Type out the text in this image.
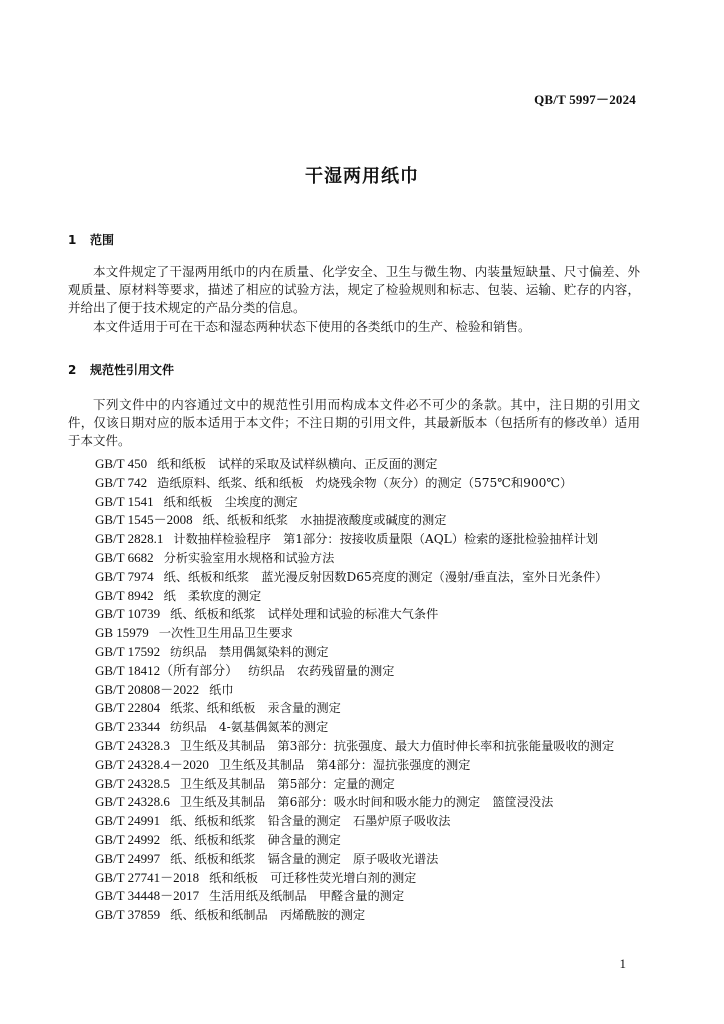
QB/T 5997－2024
干湿两用纸巾
1 范围

本文件规定了干湿两用纸巾的内在质量、化学安全、卫生与微生物、内装量短缺量、尺寸偏差、外观质量、原材料等要求，描述了相应的试验方法，规定了检验规则和标志、包装、运输、贮存的内容，并给出了便于技术规定的产品分类的信息。

本文件适用于可在干态和湿态两种状态下使用的各类纸巾的生产、检验和销售。

2 规范性引用文件

下列文件中的内容通过文中的规范性引用而构成本文件必不可少的条款。其中，注日期的引用文件，仅该日期对应的版本适用于本文件；不注日期的引用文件，其最新版本（包括所有的修改单）适用于本文件。

GB/T 450 纸和纸板　试样的采取及试样纵横向、正反面的测定
GB/T 742 造纸原料、纸浆、纸和纸板　灼烧残余物（灰分）的测定（575℃和900℃）
GB/T 1541 纸和纸板　尘埃度的测定
GB/T 1545－2008 纸、纸板和纸浆　水抽提液酸度或碱度的测定
GB/T 2828.1 计数抽样检验程序　第1部分：按接收质量限（AQL）检索的逐批检验抽样计划
GB/T 6682 分析实验室用水规格和试验方法
GB/T 7974 纸、纸板和纸浆　蓝光漫反射因数D65亮度的测定（漫射/垂直法，室外日光条件）
GB/T 8942 纸　柔软度的测定
GB/T 10739 纸、纸板和纸浆　试样处理和试验的标准大气条件
GB 15979 一次性卫生用品卫生要求
GB/T 17592 纺织品　禁用偶氮染料的测定
GB/T 18412（所有部分） 纺织品　农药残留量的测定
GB/T 20808－2022 纸巾
GB/T 22804 纸浆、纸和纸板　汞含量的测定
GB/T 23344 纺织品　4-氨基偶氮苯的测定
GB/T 24328.3 卫生纸及其制品　第3部分：抗张强度、最大力值时伸长率和抗张能量吸收的测定
GB/T 24328.4－2020 卫生纸及其制品　第4部分：湿抗张强度的测定
GB/T 24328.5 卫生纸及其制品　第5部分：定量的测定
GB/T 24328.6 卫生纸及其制品　第6部分：吸水时间和吸水能力的测定　篮筐浸没法
GB/T 24991 纸、纸板和纸浆　铅含量的测定　石墨炉原子吸收法
GB/T 24992 纸、纸板和纸浆　砷含量的测定
GB/T 24997 纸、纸板和纸浆　镉含量的测定　原子吸收光谱法
GB/T 27741－2018 纸和纸板　可迁移性荧光增白剂的测定
GB/T 34448－2017 生活用纸及纸制品　甲醛含量的测定
GB/T 37859 纸、纸板和纸制品　丙烯酰胺的测定
1
